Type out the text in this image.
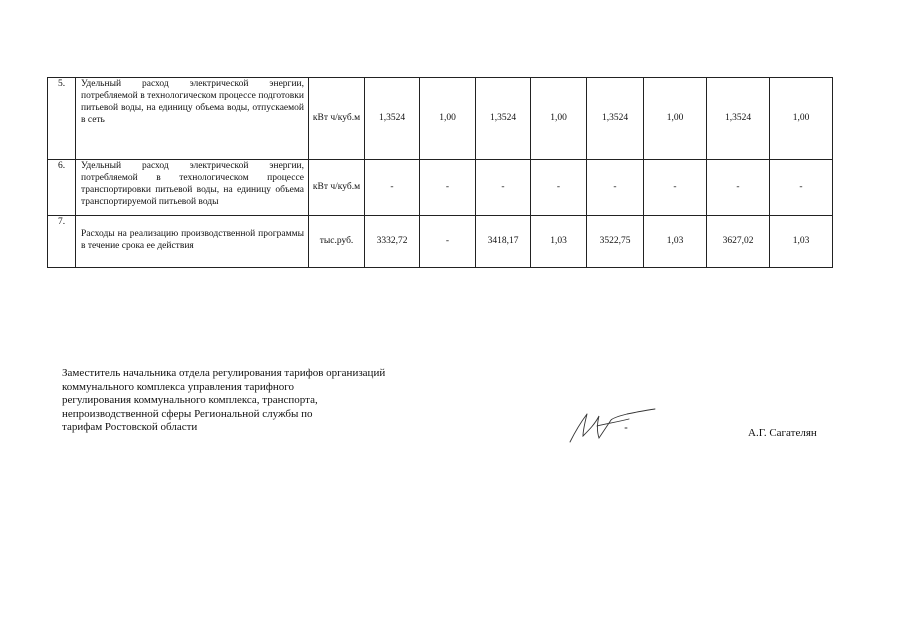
5.	Удельный расход электрической энергии, потребляемой в технологическом процессе подготовки питьевой воды, на единицу объема воды, отпускаемой в сеть	кВт ч/куб.м	1,3524	1,00	1,3524	1,00	1,3524	1,00	1,3524	1,00
6.	Удельный расход электрической энергии, потребляемой в технологическом процессе транспортировки питьевой воды, на единицу объема транспортируемой питьевой воды	кВт ч/куб.м	-	-	-	-	-	-	-	-
7.	Расходы на реализацию производственной программы в течение срока ее действия	тыс.руб.	3332,72	-	3418,17	1,03	3522,75	1,03	3627,02	1,03
Заместитель начальника отдела регулирования тарифов организаций
коммунального комплекса управления тарифного
регулирования коммунального комплекса, транспорта,
непроизводственной сферы Региональной службы по
тарифам Ростовской области	А.Г. Сагателян
